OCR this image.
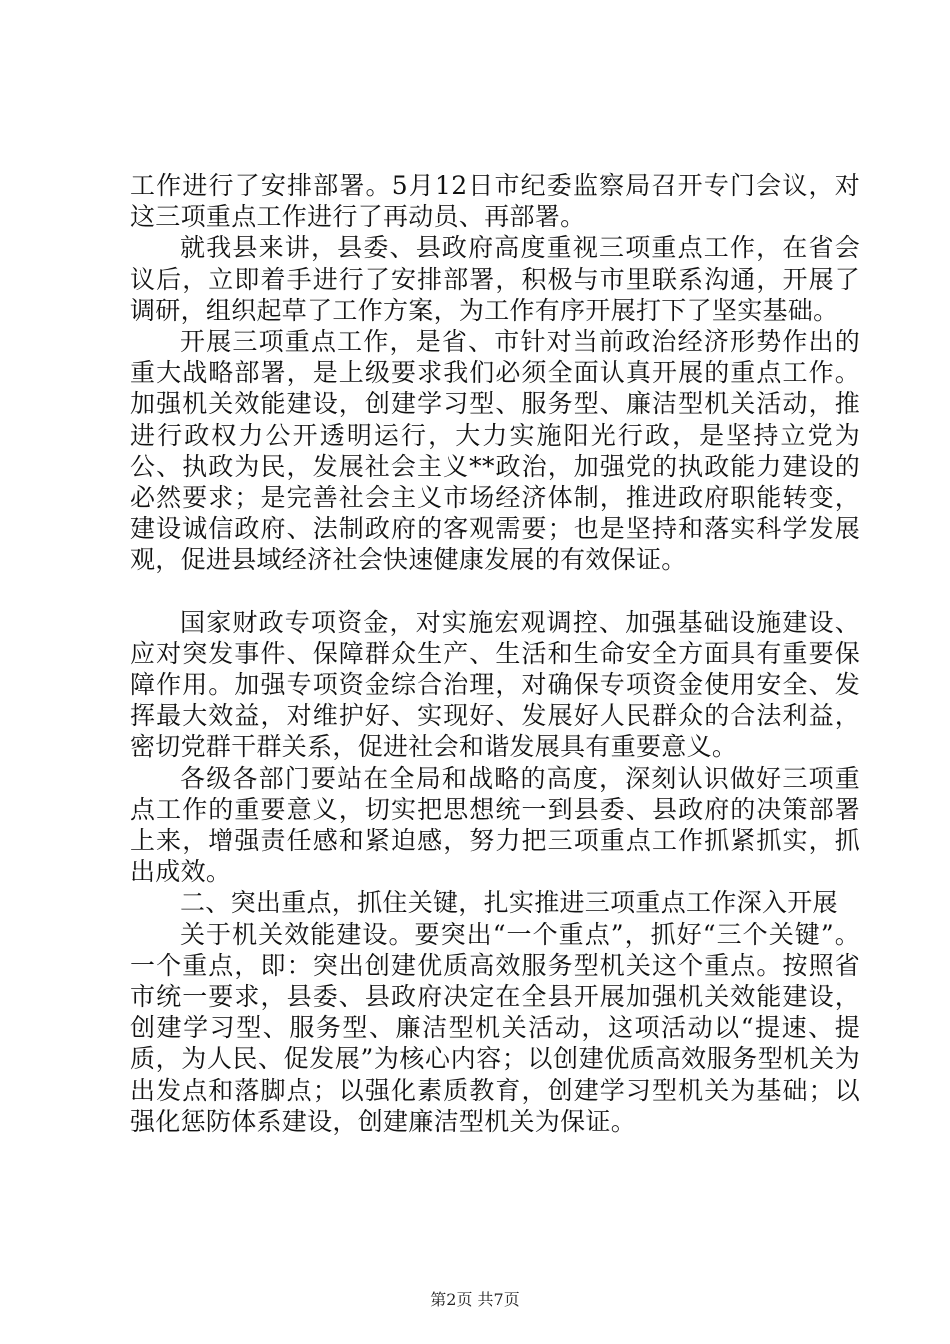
工作进行了安排部署。5月12日市纪委监察局召开专门会议，对这三项重点工作进行了再动员、再部署。

就我县来讲，县委、县政府高度重视三项重点工作，在省会议后，立即着手进行了安排部署，积极与市里联系沟通，开展了调研，组织起草了工作方案，为工作有序开展打下了坚实基础。

开展三项重点工作，是省、市针对当前政治经济形势作出的重大战略部署，是上级要求我们必须全面认真开展的重点工作。加强机关效能建设，创建学习型、服务型、廉洁型机关活动，推进行政权力公开透明运行，大力实施阳光行政，是坚持立党为公、执政为民，发展社会主义**政治，加强党的执政能力建设的必然要求；是完善社会主义市场经济体制，推进政府职能转变，建设诚信政府、法制政府的客观需要；也是坚持和落实科学发展观，促进县域经济社会快速健康发展的有效保证。

国家财政专项资金，对实施宏观调控、加强基础设施建设、应对突发事件、保障群众生产、生活和生命安全方面具有重要保障作用。加强专项资金综合治理，对确保专项资金使用安全、发挥最大效益，对维护好、实现好、发展好人民群众的合法利益，密切党群干群关系，促进社会和谐发展具有重要意义。

各级各部门要站在全局和战略的高度，深刻认识做好三项重点工作的重要意义，切实把思想统一到县委、县政府的决策部署上来，增强责任感和紧迫感，努力把三项重点工作抓紧抓实，抓出成效。

二、突出重点，抓住关键，扎实推进三项重点工作深入开展

关于机关效能建设。要突出“一个重点”，抓好“三个关键”。一个重点，即：突出创建优质高效服务型机关这个重点。按照省市统一要求，县委、县政府决定在全县开展加强机关效能建设，创建学习型、服务型、廉洁型机关活动，这项活动以“提速、提质，为人民、促发展”为核心内容；以创建优质高效服务型机关为出发点和落脚点；以强化素质教育，创建学习型机关为基础；以强化惩防体系建设，创建廉洁型机关为保证。

第2页 共7页
